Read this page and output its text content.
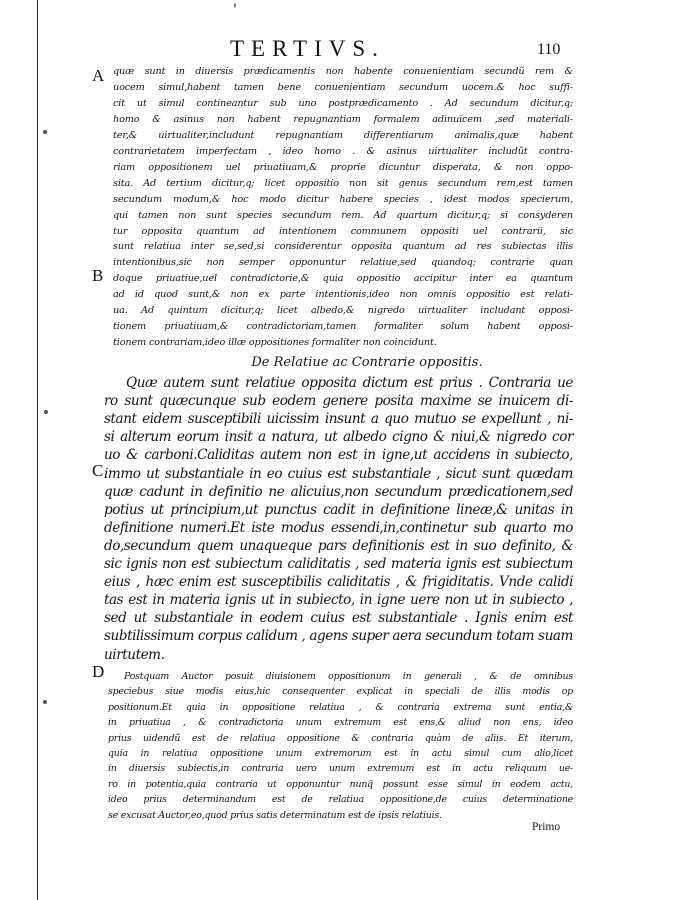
'
TERTIVS.	110
A
B
C
D
quæ sunt in diuersis prædicamentis non habente conuenientiam secundũ rem &
uocem simul,habent tamen bene conuenientiam secundum uocem.& hoc suffi-
cit ut simul contineantur sub uno postprædicamento . Ad secundum dicitur,q;
homo & asinus non habent repugnantiam formalem adinuicem ,sed materiali-
ter,& uirtualiter,includunt repugnantiam differentiarum animalis,quæ habent
contrarietatem imperfectam , ideo homo . & asinus uirtualiter includũt contra-
riam oppositionem uel priuatiuam,& proprie dicuntur disperata, & non oppo-
sita. Ad tertium dicitur,q; licet oppositio non sit genus secundum rem,est tamen
secundum modum,& hoc modo dicitur habere species , idest modos specierum,
qui tamen non sunt species secundum rem. Ad quartum dicitur,q; si consyderen
tur opposita quantum ad intentionem communem oppositi uel contrarii, sic
sunt relatiua inter se,sed,si considerentur opposita quantum ad res subiectas illis
intentionibus,sic non semper opponuntur relatiue,sed quandoq; contrarie quan
doque priuatiue,uel contradictorie,& quia oppositio accipitur inter ea quantum
ad id quod sunt,& non ex parte intentionis,ideo non omnis oppositio est relati-
ua. Ad quintum dicitur,q; licet albedo,& nigredo uirtualiter includant opposi-
tionem priuatiuam,& contradictoriam,tamen formaliter solum habent opposi-
tionem contrariam,ideo illæ oppositiones formaliter non coincidunt.
De Relatiue ac Contrarie oppositis.
Quæ autem sunt relatiue opposita dictum est prius . Contraria ue
ro sunt quæcunque sub eodem genere posita maxime se inuicem di-
stant eidem susceptibili uicissim insunt a quo mutuo se expellunt , ni-
si alterum eorum insit a natura, ut albedo cigno & niui,& nigredo cor
uo & carboni.Caliditas autem non est in igne,ut accidens in subiecto,
immo ut substantiale in eo cuius est substantiale , sicut sunt quædam
quæ cadunt in definitio ne alicuius,non secundum prædicationem,sed
potius ut principium,ut punctus cadit in definitione lineæ,& unitas in
definitione numeri.Et iste modus essendi,in,continetur sub quarto mo
do,secundum quem unaqueque pars definitionis est in suo definito, &
sic ignis non est subiectum caliditatis , sed materia ignis est subiectum
eius , hæc enim est susceptibilis caliditatis , & frigiditatis. Vnde calidi
tas est in materia ignis ut in subiecto, in igne uere non ut in subiecto ,
sed ut substantiale in eodem cuius est substantiale . Ignis enim est
subtilissimum corpus calidum , agens super aera secundum totam suam
uirtutem.
Postquam Auctor posuit diuisionem oppositionum in generali , & de omnibus
speciebus siue modis eius,hic consequenter explicat in speciali de illis modis op
positionum.Et quia in oppositione relatiua , & contraria extrema sunt entia,&
in priuatiua , & contradictoria unum extremum est ens,& aliud non ens, ideo
prius uidendũ est de relatiua oppositione & contraria quàm de aliis. Et iterum,
quia in relatiua oppositione unum extremorum est in actu simul cum alio,licet
in diuersis subiectis,in contraria uero unum extremum est in actu reliquum ue-
ro in potentia,quia contraria ut opponuntur nunq̃ possunt esse simul in eodem actu,
ideo prius determinandum est de relatiua oppositione,de cuius determinatione
se excusat Auctor,eo,quod prius satis determinatum est de ipsis relatiuis.
Primo
